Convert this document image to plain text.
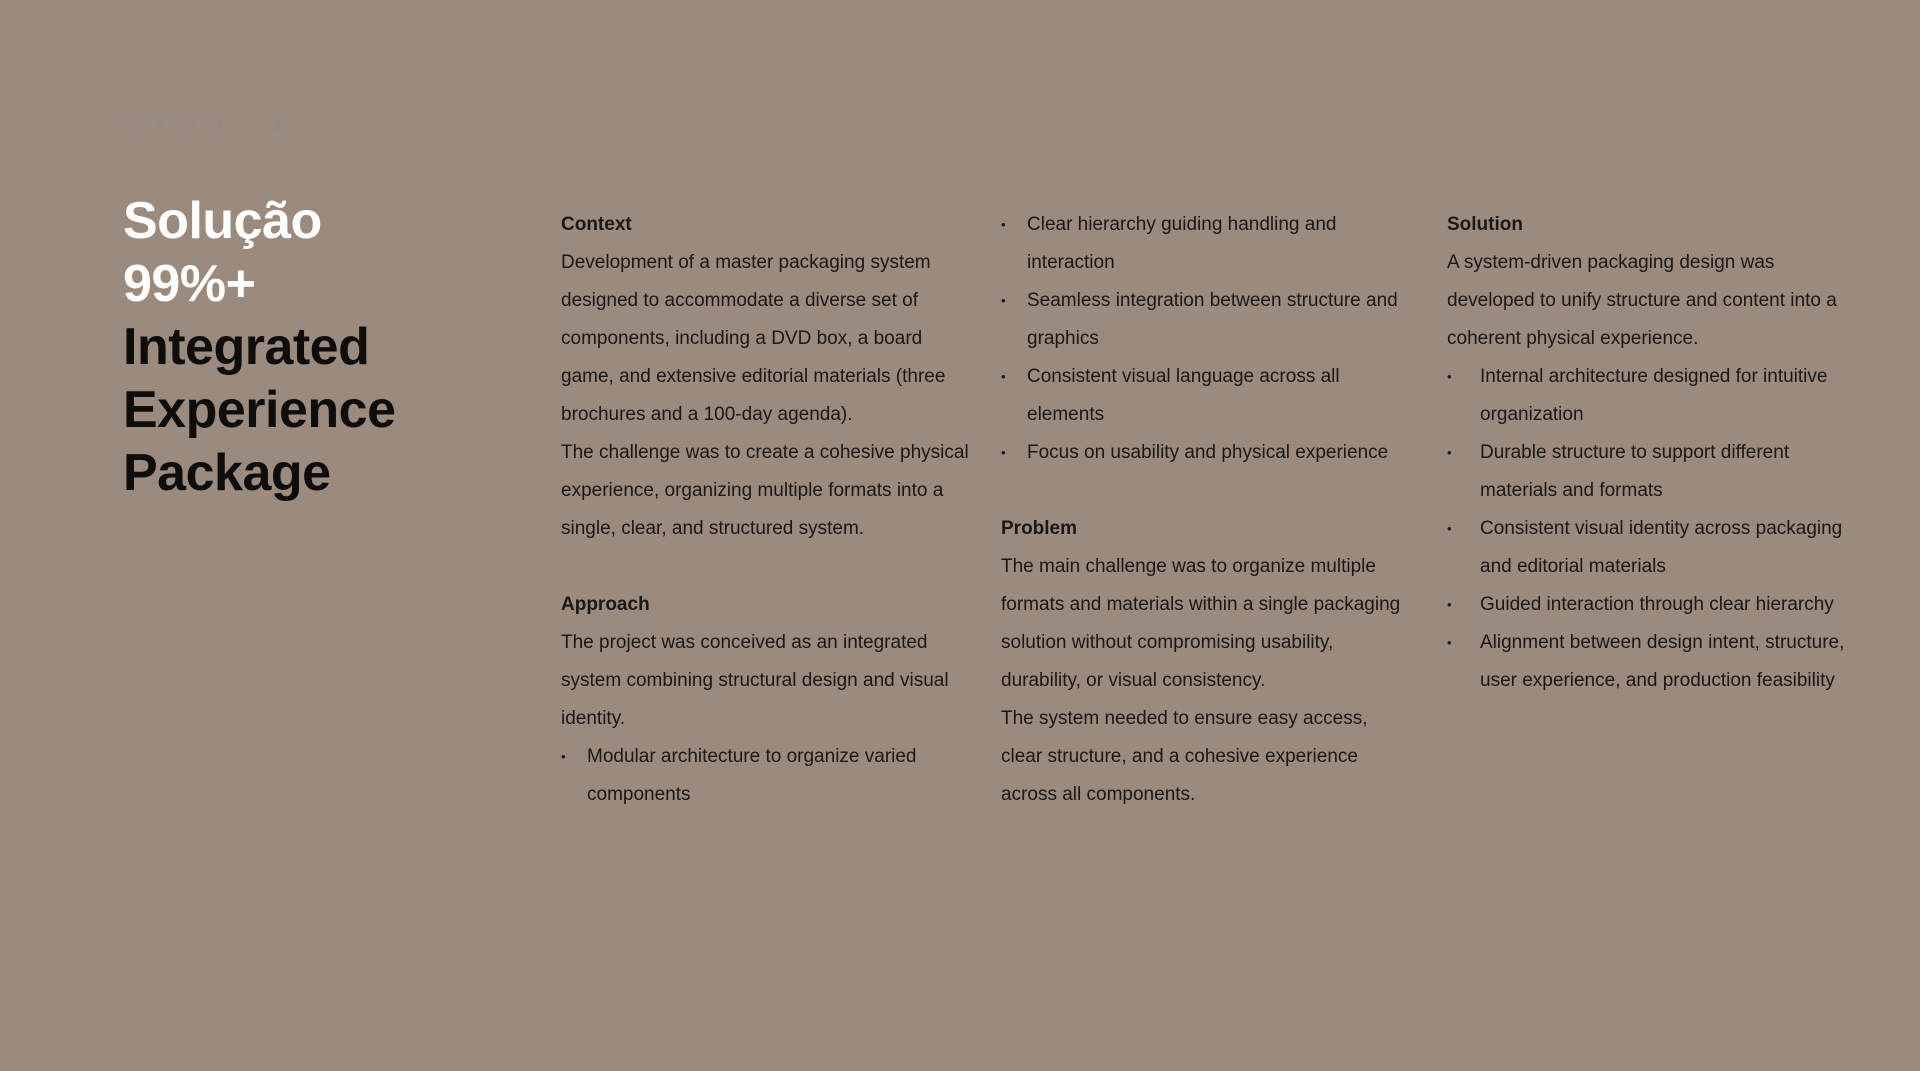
CASE 3
Solução
99%+
Integrated
Experience
Package

Context

Development of a master packaging system designed to accommodate a diverse set of components, including a DVD box, a board game, and extensive editorial materials (three brochures and a 100-day agenda).

The challenge was to create a cohesive physical experience, organizing multiple formats into a single, clear, and structured system.

Approach

The project was conceived as an integrated system combining structural design and visual identity.

• Modular architecture to organize varied components
• Clear hierarchy guiding handling and interaction
• Seamless integration between structure and graphics
• Consistent visual language across all elements
• Focus on usability and physical experience

Problem

The main challenge was to organize multiple formats and materials within a single packaging solution without compromising usability, durability, or visual consistency.

The system needed to ensure easy access, clear structure, and a cohesive experience across all components.

Solution

A system-driven packaging design was developed to unify structure and content into a coherent physical experience.

• Internal architecture designed for intuitive organization
• Durable structure to support different materials and formats
• Consistent visual identity across packaging and editorial materials
• Guided interaction through clear hierarchy
• Alignment between design intent, structure, user experience, and production feasibility
